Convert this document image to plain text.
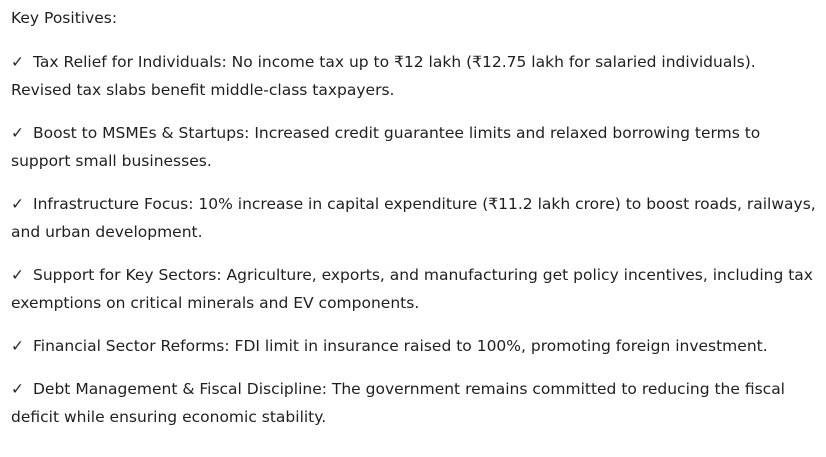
Key Positives:
✓ Tax Relief for Individuals: No income tax up to ₹12 lakh (₹12.75 lakh for salaried individuals). Revised tax slabs benefit middle-class taxpayers.
✓ Boost to MSMEs & Startups: Increased credit guarantee limits and relaxed borrowing terms to support small businesses.
✓ Infrastructure Focus: 10% increase in capital expenditure (₹11.2 lakh crore) to boost roads, railways, and urban development.
✓ Support for Key Sectors: Agriculture, exports, and manufacturing get policy incentives, including tax exemptions on critical minerals and EV components.
✓ Financial Sector Reforms: FDI limit in insurance raised to 100%, promoting foreign investment.
✓ Debt Management & Fiscal Discipline: The government remains committed to reducing the fiscal deficit while ensuring economic stability.
